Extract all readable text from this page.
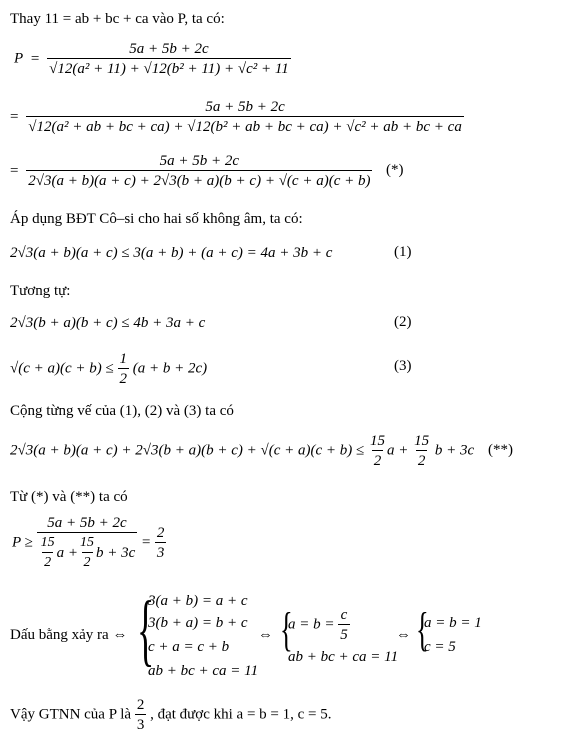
Thay 11 = ab + bc + ca vào P, ta có:
$P = \frac{5a + 5b + 2c}{\text{√12(a² + 11) + √12(b² + 11) + √c² + 11}}$
=
5a + 5b + 2c
√12(a² + ab + bc + ca) + √12(b² + ab + bc + ca) + √c² + ab + bc + ca
= $\frac{5a + 5b + 2c}{2√3(a + b)(a + c) + 2√3(b + a)(b + c) + √(c + a)(c + b)}$ (*)
Áp dụng BĐT Cô–si cho hai số không âm, ta có:
2√3(a + b)(a + c) ≤ 3(a + b) + (a + c) = 4a + 3b + c	(1)
Tương tự:
2√3(b + a)(b + c) ≤ 4b + 3a + c	(2)
$√(c + a)(c + b) \le \frac{1}{2} (a + b + 2c)$	(3)
Cộng từng vế của (1), (2) và (3) ta có
$2√3(a + b)(a + c) + 2√3(b + a)(b + c) + √(c + a)(c + b) \le \frac{15}{2}$ $a + \frac{15}{2}$ b + 3c (**)
Từ (*) và (**) ta có
P ≥
5a + 5b + 2c
$\frac{15}{2}$ $a + \frac{15}{2}$ b + 3c
= $\frac{2}{3}$
Dấu bằng xảy ra ⇔ {
3(a + b) = a + c
3(b + a) = b + c
c + a = c + b
ab + bc + ca = 11
⇔ {
$a = b = \frac{c}{5}$
ab + bc + ca = 11
⇔ {
a = b = 1
c = 5
Vậy GTNN của P là $\frac{2}{3}$ , đạt được khi a = b = 1, c = 5.
